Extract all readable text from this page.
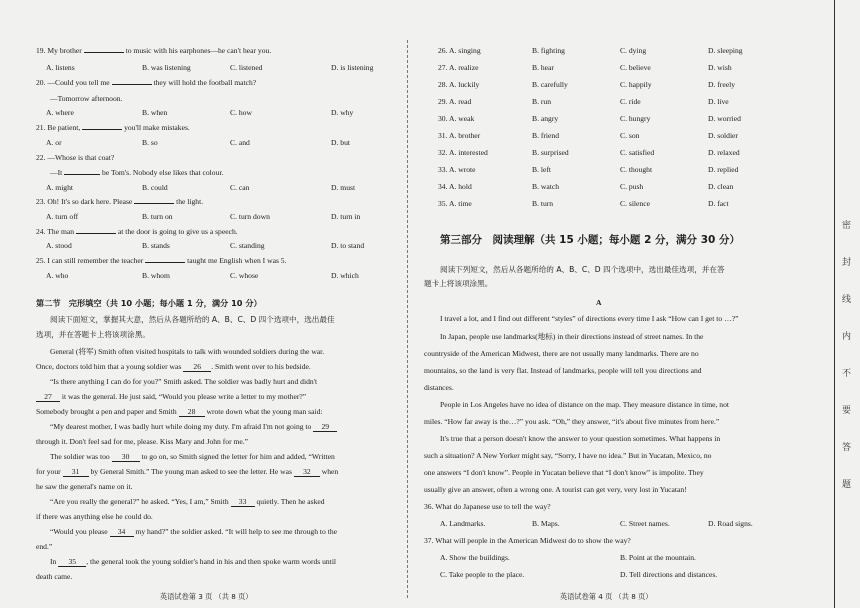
19. My brother	to music with his earphones—he can't hear you.
A. listens	B. was listening	C. listened	D. is listening
20. —Could you tell me	they will hold the football match?
—Tomorrow afternoon.
A. where	B. when	C. how	D. why
21. Be patient,	you'll make mistakes.
A. or	B. so	C. and	D. but
22. —Whose is that coat?
—It	be Tom's. Nobody else likes that colour.
A. might	B. could	C. can	D. must
23. Oh! It's so dark here. Please	the light.
A. turn off	B. turn on	C. turn down	D. turn in
24. The man	at the door is going to give us a speech.
A. stood	B. stands	C. standing	D. to stand
25. I can still remember the teacher	taught me English when I was 5.
A. who	B. whom	C. whose	D. which
第二节　完形填空（共 10 小题；每小题 1 分，满分 10 分）
阅读下面短文，掌握其大意，然后从各题所给的 A、B、C、D 四个选项中，选出最佳
选项，并在答题卡上将该项涂黑。
General (将军) Smith often visited hospitals to talk with wounded soldiers during the war.
Once, doctors told him that a young soldier was 26 . Smith went over to his bedside.
“Is there anything I can do for you?” Smith asked. The soldier was badly hurt and didn't
27 it was the general. He just said, “Would you please write a letter to my mother?”
Somebody brought a pen and paper and Smith 28 wrote down what the young man said:
“My dearest mother, I was badly hurt while doing my duty. I'm afraid I'm not going to 29
through it. Don't feel sad for me, please. Kiss Mary and John for me.”
The soldier was too 30 to go on, so Smith signed the letter for him and added, “Written
for your 31 by General Smith.” The young man asked to see the letter. He was 32 when
he saw the general's name on it.
“Are you really the general?” he asked. “Yes, I am,” Smith 33 quietly. Then he asked
if there was anything else he could do.
“Would you please 34 my hand?” the soldier asked. “It will help to see me through to the
end.”
In 35 , the general took the young soldier's hand in his and then spoke warm words until
death came.
英语试卷第 3 页 （共 8 页）
26. A. singing	B. fighting	C. dying	D. sleeping
27. A. realize	B. hear	C. believe	D. wish
28. A. luckily	B. carefully	C. happily	D. freely
29. A. read	B. run	C. ride	D. live
30. A. weak	B. angry	C. hungry	D. worried
31. A. brother	B. friend	C. son	D. soldier
32. A. interested	B. surprised	C. satisfied	D. relaxed
33. A. wrote	B. left	C. thought	D. replied
34. A. hold	B. watch	C. push	D. clean
35. A. time	B. turn	C. silence	D. fact
第三部分　阅读理解（共 15 小题；每小题 2 分，满分 30 分）
阅读下列短文，然后从各题所给的 A、B、C、D 四个选项中，选出最佳选项，并在答
题卡上将该项涂黑。
A
I travel a lot, and I find out different “styles” of directions every time I ask “How can I get to …?”
In Japan, people use landmarks(地标) in their directions instead of street names. In the
countryside of the American Midwest, there are not usually many landmarks. There are no
mountains, so the land is very flat. Instead of landmarks, people will tell you directions and
distances.
People in Los Angeles have no idea of distance on the map. They measure distance in time, not
miles. “How far away is the…?” you ask. “Oh,” they answer, “it's about five minutes from here.”
It's true that a person doesn't know the answer to your question sometimes. What happens in
such a situation? A New Yorker might say, “Sorry, I have no idea.” But in Yucatan, Mexico, no
one answers “I don't know”. People in Yucatan believe that “I don't know” is impolite. They
usually give an answer, often a wrong one. A tourist can get very, very lost in Yucatan!
36. What do Japanese use to tell the way?
A. Landmarks.	B. Maps.	C. Street names.	D. Road signs.
37. What will people in the American Midwest do to show the way?
A. Show the buildings.	B. Point at the mountain.
C. Take people to the place.	D. Tell directions and distances.
英语试卷第 4 页 （共 8 页）
密
封
线
内
不
要
答
题
